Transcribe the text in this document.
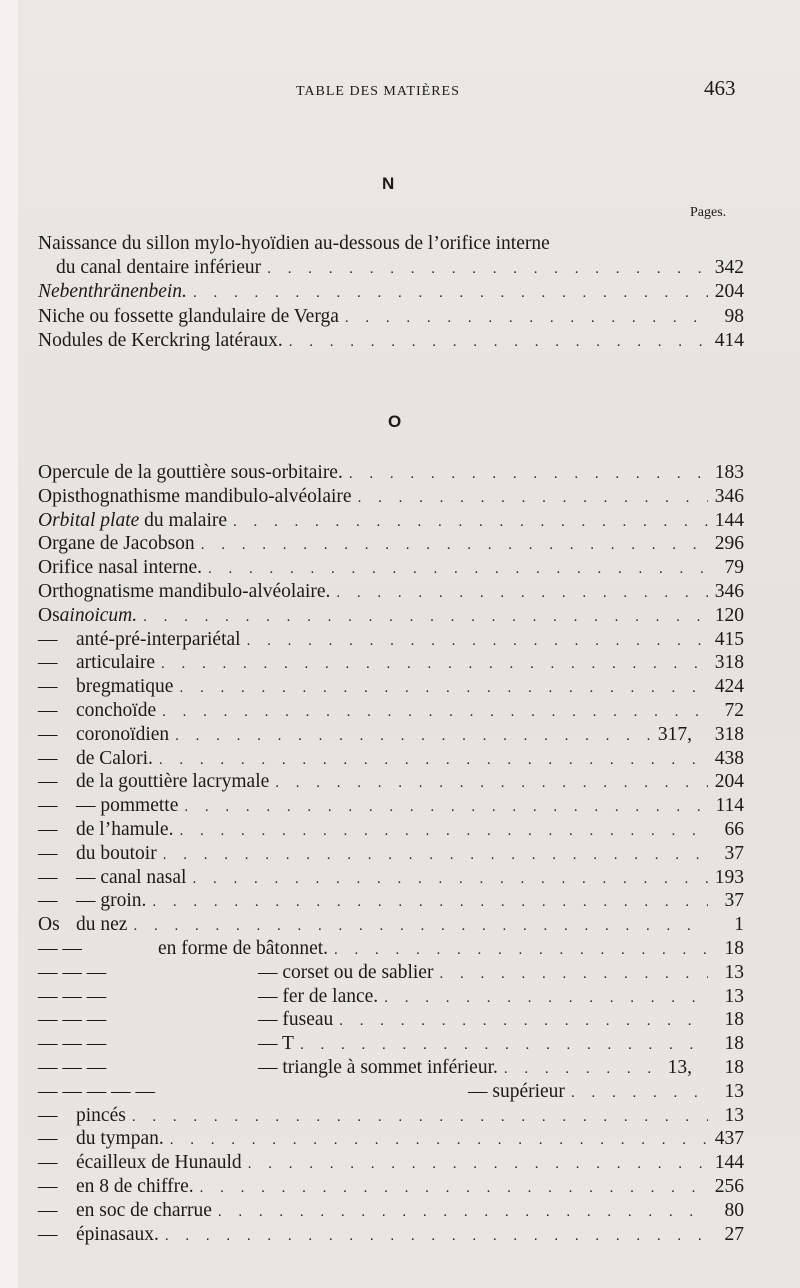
TABLE DES MATIÈRES	463
N
Pages.
Naissance du sillon mylo-hyoïdien au-dessous de l’orifice interne
du canal dentaire inférieur . . .	342
Nebenthränenbein. . . .	204
Niche ou fossette glandulaire de Verga . . .	98
Nodules de Kerckring latéraux. . . .	414
O
Opercule de la gouttière sous-orbitaire. . . .	183
Opisthognathisme mandibulo-alvéolaire . . .	346
Orbital plate du malaire . . .	144
Organe de Jacobson . . .	296
Orifice nasal interne. . . .	79
Orthognatisme mandibulo-alvéolaire. . . .	346
Osainoicum. . . .	120
— anté-pré-interpariétal . . .	415
— articulaire . . .	318
— bregmatique . . .	424
— conchoïde . . .	72
— coronoïdien . . .	317, 318
— de Calori. . . .	438
— de la gouttière lacrymale . . .	204
— — pommette . . .	114
— de l’hamule. . . .	66
— du boutoir . . .	37
— — canal nasal . . .	193
— — groin. . . .	37
Os du nez . . .	1
— —	en forme de bâtonnet. . . .	18
— — —	— corset ou de sablier . . .	13
— — —	— fer de lance. . . .	13
— — —	— fuseau . . .	18
— — —	— T . . .	18
— — —	— triangle à sommet inférieur. . . .	13,	18
— — — — —	— supérieur . . .	13
— pincés . . .	13
— du tympan. . . .	437
— écailleux de Hunauld . . .	144
— en 8 de chiffre. . . .	256
— en soc de charrue . . .	80
— épinasaux. . . .	27
